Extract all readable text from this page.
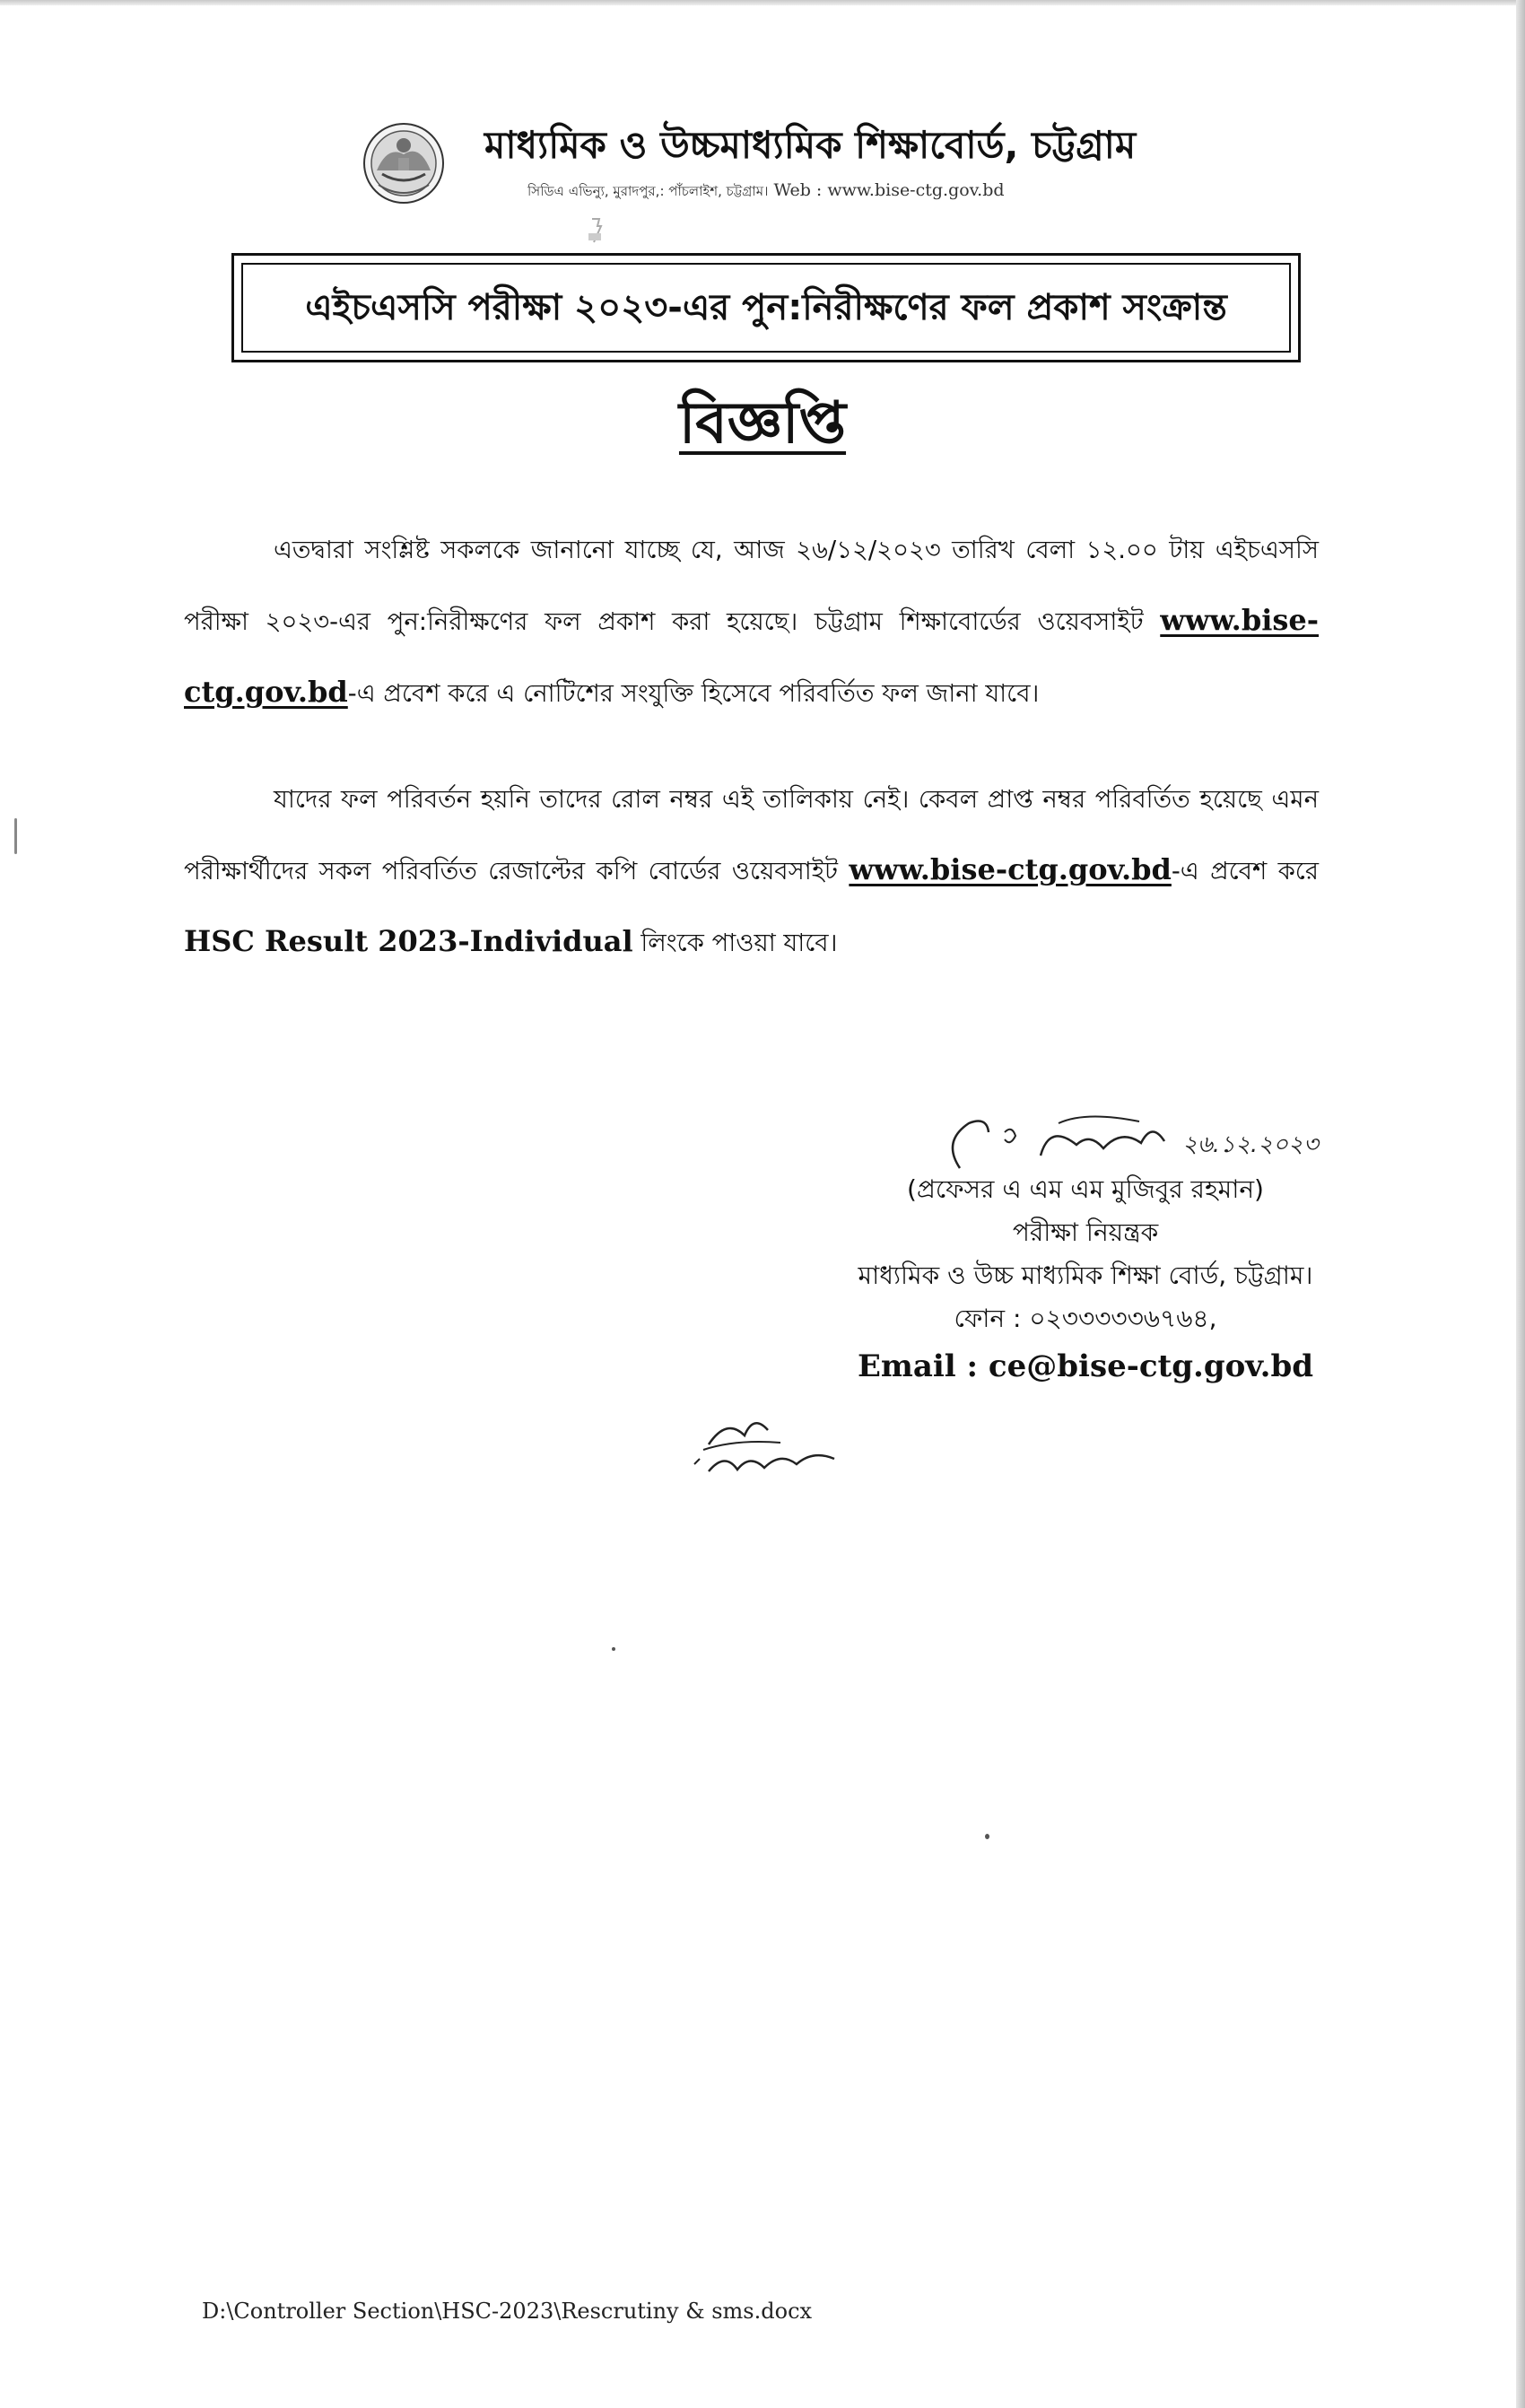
মাধ্যমিক ও উচ্চমাধ্যমিক শিক্ষাবোর্ড, চট্টগ্রাম
সিডিএ এভিন্যু, মুরাদপুর,: পাঁচলাইশ, চট্টগ্রাম। Web : www.bise-ctg.gov.bd
এইচএসসি পরীক্ষা ২০২৩-এর পুন:নিরীক্ষণের ফল প্রকাশ সংক্রান্ত
বিজ্ঞপ্তি
এতদ্বারা সংশ্লিষ্ট সকলকে জানানো যাচ্ছে যে, আজ ২৬/১২/২০২৩ তারিখ বেলা ১২.০০ টায় এইচএসসি পরীক্ষা ২০২৩-এর পুন:নিরীক্ষণের ফল প্রকাশ করা হয়েছে। চট্টগ্রাম শিক্ষাবোর্ডের ওয়েবসাইট www.bise-ctg.gov.bd-এ প্রবেশ করে এ নোটিশের সংযুক্তি হিসেবে পরিবর্তিত ফল জানা যাবে।
যাদের ফল পরিবর্তন হয়নি তাদের রোল নম্বর এই তালিকায় নেই। কেবল প্রাপ্ত নম্বর পরিবর্তিত হয়েছে এমন পরীক্ষার্থীদের সকল পরিবর্তিত রেজাল্টের কপি বোর্ডের ওয়েবসাইট www.bise-ctg.gov.bd-এ প্রবেশ করে HSC Result 2023-Individual লিংকে পাওয়া যাবে।
২৬.১২.২০২৩
(প্রফেসর এ এম এম মুজিবুর রহমান)
পরীক্ষা নিয়ন্ত্রক
মাধ্যমিক ও উচ্চ মাধ্যমিক শিক্ষা বোর্ড, চট্টগ্রাম।
ফোন : ০২৩৩৩৩৩৬৭৬৪,
Email : ce@bise-ctg.gov.bd
D:\Controller Section\HSC-2023\Rescrutiny & sms.docx
